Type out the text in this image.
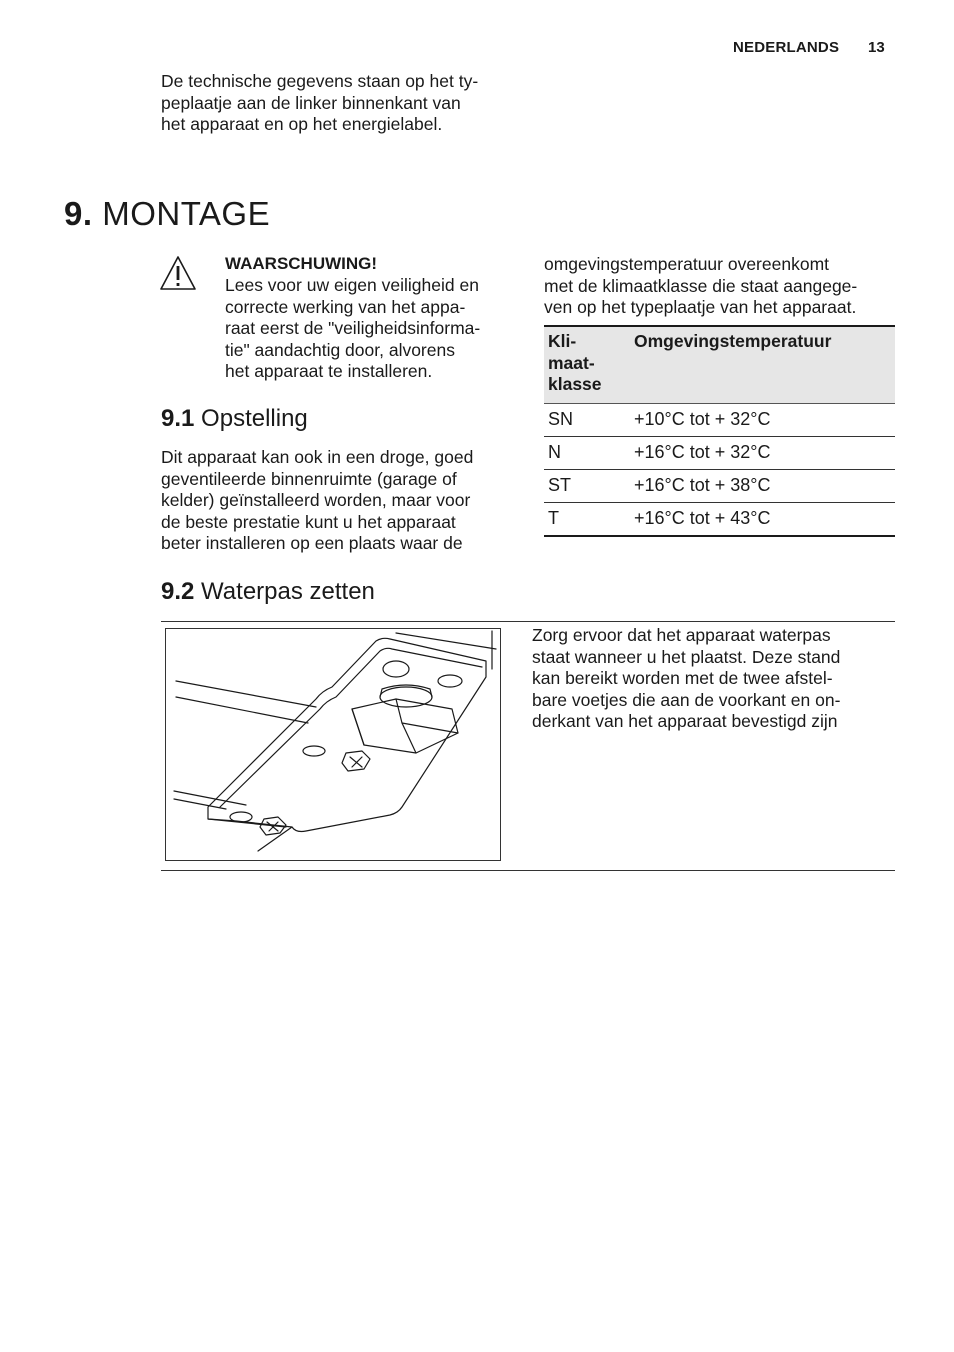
NEDERLANDS 13

De technische gegevens staan op het ty-
peplaatje aan de linker binnenkant van
het apparaat en op het energielabel.

9. MONTAGE
WAARSCHUWING!

Lees voor uw eigen veiligheid en
correcte werking van het appa-
raat eerst de "veiligheidsinforma-
tie" aandachtig door, alvorens
het apparaat te installeren.

9.1 Opstelling

Dit apparaat kan ook in een droge, goed
geventileerde binnenruimte (garage of
kelder) geïnstalleerd worden, maar voor
de beste prestatie kunt u het apparaat
beter installeren op een plaats waar de

omgevingstemperatuur overeenkomt
met de klimaatklasse die staat aangege-
ven op het typeplaatje van het apparaat.

Kli-
maat-
klasse	Omgevingstemperatuur
SN	+10°C tot + 32°C
N	+16°C tot + 32°C
ST	+16°C tot + 38°C
T	+16°C tot + 43°C
9.2 Waterpas zetten

Zorg ervoor dat het apparaat waterpas
staat wanneer u het plaatst. Deze stand
kan bereikt worden met de twee afstel-
bare voetjes die aan de voorkant en on-
derkant van het apparaat bevestigd zijn
